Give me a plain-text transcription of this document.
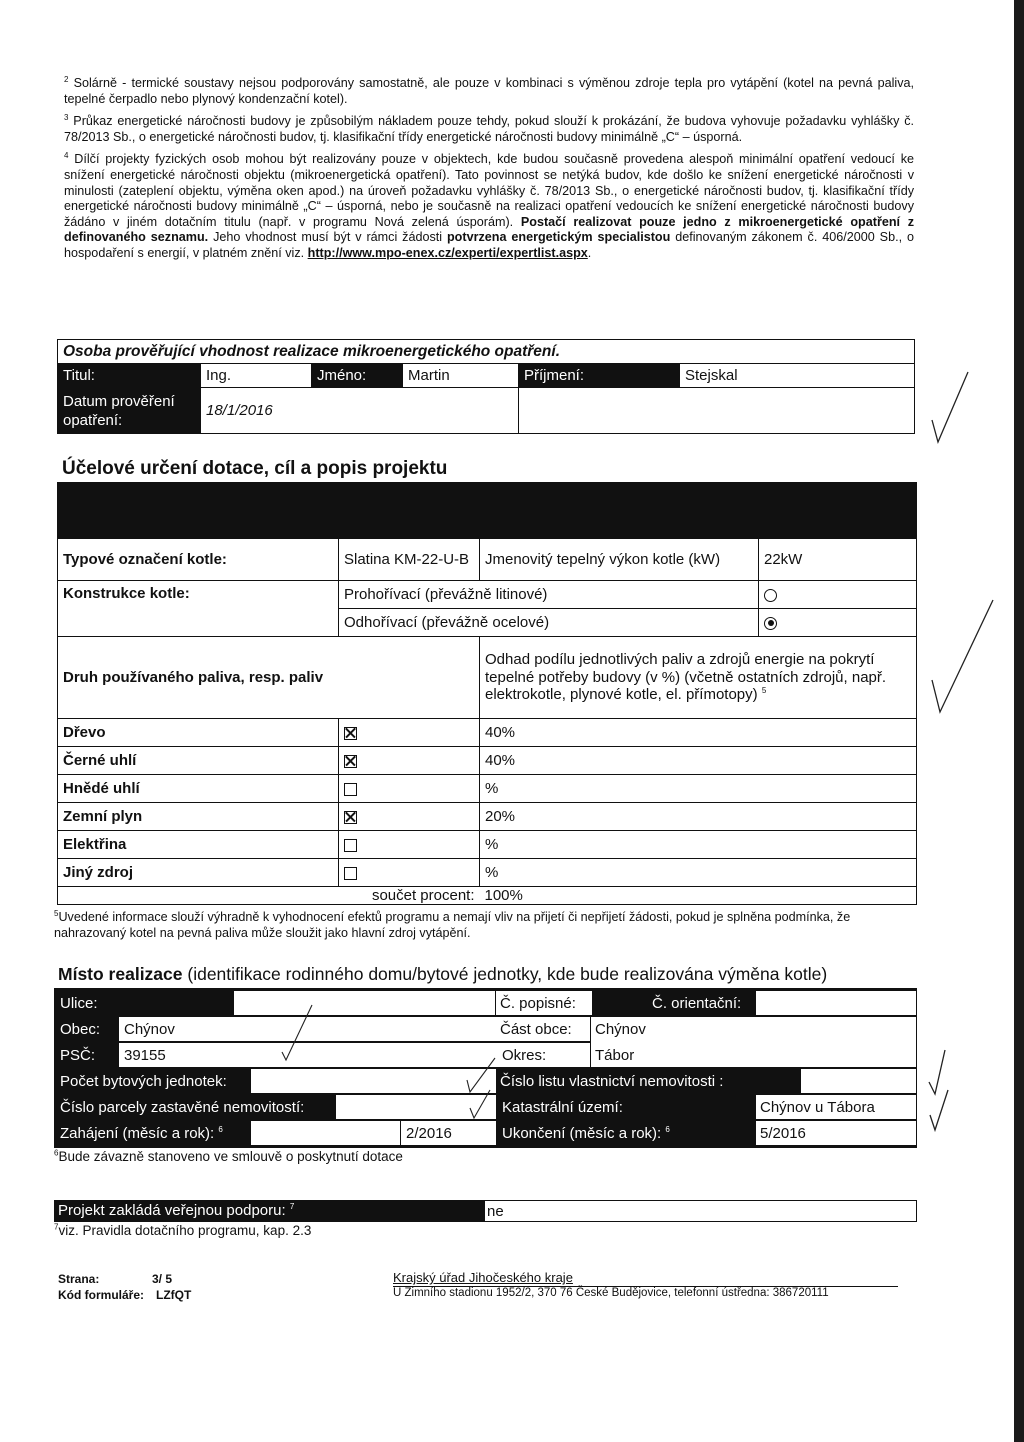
$^2$ Solárně - termické soustavy nejsou podporovány samostatně, ale pouze v kombinaci s výměnou zdroje tepla pro vytápění (kotel na pevná paliva, tepelné čerpadlo nebo plynový kondenzační kotel).

$^3$ Průkaz energetické náročnosti budovy je způsobilým nákladem pouze tehdy, pokud slouží k prokázání, že budova vyhovuje požadavku vyhlášky č. 78/2013 Sb., o energetické náročnosti budov, tj. klasifikační třídy energetické náročnosti budovy minimálně „C“ – úsporná.

$^4$ Dílčí projekty fyzických osob mohou být realizovány pouze v objektech, kde budou současně provedena alespoň minimální opatření vedoucí ke snížení energetické náročnosti objektu (mikroenergetická opatření). Tato povinnost se netýká budov, kde došlo ke snížení energetické náročnosti v minulosti (zateplení objektu, výměna oken apod.) na úroveň požadavku vyhlášky č. 78/2013 Sb., o energetické náročnosti budov, tj. klasifikační třídy energetické náročnosti budovy minimálně „C“ – úsporná, nebo je současně na realizaci opatření vedoucích ke snížení energetické náročnosti budovy žádáno v jiném dotačním titulu (např. v programu Nová zelená úsporám). Postačí realizovat pouze jedno z mikroenergetické opatření z definovaného seznamu. Jeho vhodnost musí být v rámci žádosti potvrzena energetickým specialistou definovaným zákonem č. 406/2000 Sb., o hospodaření s energií, v platném znění viz. http://www.mpo-enex.cz/experti/expertlist.aspx.

Osoba prověřující vhodnost realizace mikroenergetického opatření.					
Titul:	Ing.	Jméno:	Martin	Příjmení:	Stejskal
Datum prověření opatření:	18/1/2016				
Účelové určení dotace, cíl a popis projektu
Typové označení kotle:	Slatina KM-22-U-B	Jmenovitý tepelný výkon kotle (kW)	22kW
Konstrukce kotle:	Prohořívací (převážně litinové)		
	Odhořívací (převážně ocelové)		
Druh používaného paliva, resp. paliv		Odhad podílu jednotlivých paliv a zdrojů energie na pokrytí tepelné potřeby budovy (v %) (včetně ostatních zdrojů, např. elektrokotle, plynové kotle, el. přímotopy) $^5$
Dřevo		40%	
Černé uhlí		40%	
Hnědé uhlí		%	
Zemní plyn		20%	
Elektřina		%	
Jiný zdroj		%	
součet procent:		100%	
$^5$Uvedené informace slouží výhradně k vyhodnocení efektů programu a nemají vliv na přijetí či nepřijetí žádosti, pokud je splněna podmínka, že nahrazovaný kotel na pevná paliva může sloužit jako hlavní zdroj vytápění.
Místo realizace (identifikace rodinného domu/bytové jednotky, kde bude realizována výměna kotle)
Ulice:	Č. popisné:	Č. orientační:
Obec: Chýnov	Část obce: Chýnov
PSČ: 39155	Okres:	Tábor
Počet bytových jednotek:	Číslo listu vlastnictví nemovitosti :
Číslo parcely zastavěné nemovitostí:	Katastrální území:	Chýnov u Tábora
Zahájení (měsíc a rok): $^6$	2/2016	Ukončení (měsíc a rok): $^6$	5/2016
$^6$Bude závazně stanoveno ve smlouvě o poskytnutí dotace
Projekt zakládá veřejnou podporu: $^7$	ne
$^7$viz. Pravidla dotačního programu, kap. 2.3
Strana:	3/ 5
Kód formuláře: LZfQT
Krajský úřad Jihočeského kraje
U Zimního stadionu 1952/2, 370 76 České Budějovice, telefonní ústředna: 386720111
